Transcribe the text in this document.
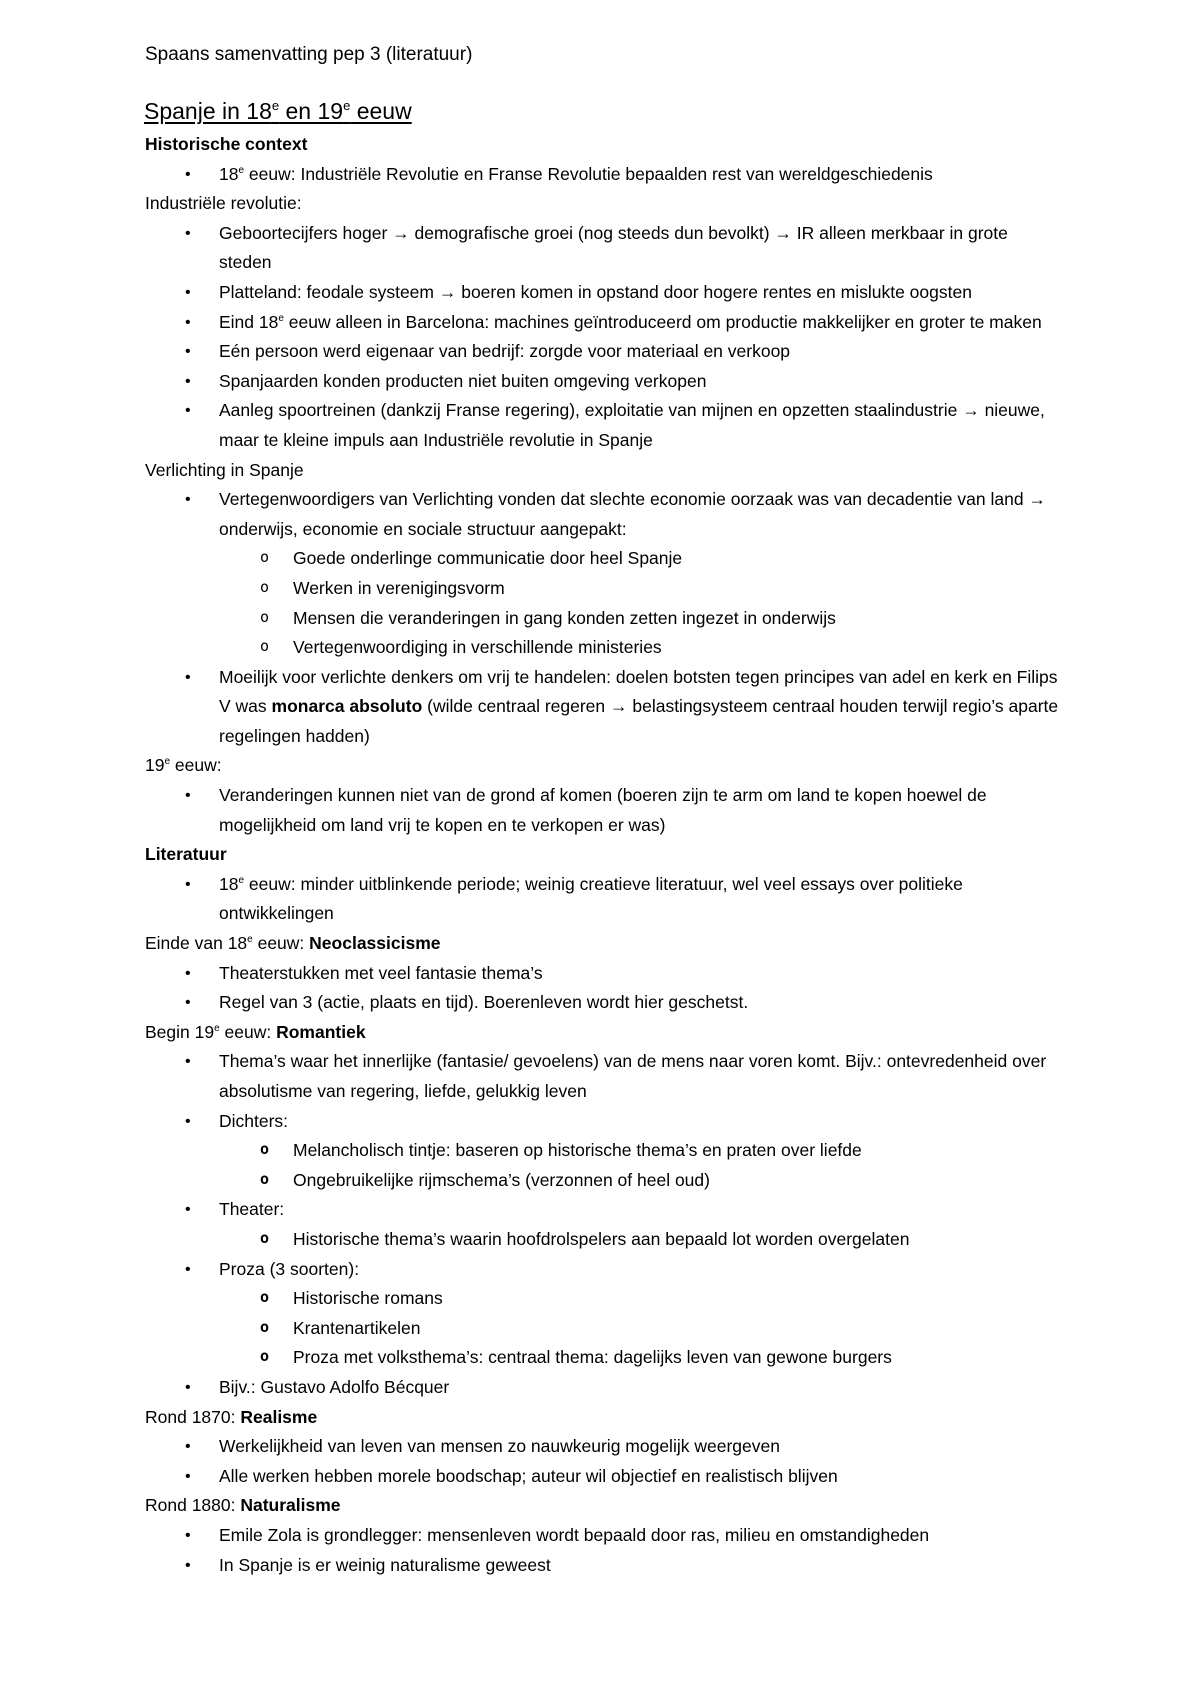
Spaans samenvatting pep 3 (literatuur)
Spanje in 18e en 19e eeuw
Historische context
• 18e eeuw: Industriële Revolutie en Franse Revolutie bepaalden rest van wereldgeschiedenis
Industriële revolutie:
• Geboortecijfers hoger → demografische groei (nog steeds dun bevolkt) → IR alleen merkbaar in grote steden
• Platteland: feodale systeem → boeren komen in opstand door hogere rentes en mislukte oogsten
• Eind 18e eeuw alleen in Barcelona: machines geïntroduceerd om productie makkelijker en groter te maken
• Eén persoon werd eigenaar van bedrijf: zorgde voor materiaal en verkoop
• Spanjaarden konden producten niet buiten omgeving verkopen
• Aanleg spoortreinen (dankzij Franse regering), exploitatie van mijnen en opzetten staalindustrie → nieuwe, maar te kleine impuls aan Industriële revolutie in Spanje
Verlichting in Spanje
• Vertegenwoordigers van Verlichting vonden dat slechte economie oorzaak was van decadentie van land → onderwijs, economie en sociale structuur aangepakt:
o Goede onderlinge communicatie door heel Spanje
o Werken in verenigingsvorm
o Mensen die veranderingen in gang konden zetten ingezet in onderwijs
o Vertegenwoordiging in verschillende ministeries
• Moeilijk voor verlichte denkers om vrij te handelen: doelen botsten tegen principes van adel en kerk en Filips V was monarca absoluto (wilde centraal regeren → belastingsysteem centraal houden terwijl regio’s aparte regelingen hadden)
19e eeuw:
• Veranderingen kunnen niet van de grond af komen (boeren zijn te arm om land te kopen hoewel de mogelijkheid om land vrij te kopen en te verkopen er was)
Literatuur
• 18e eeuw: minder uitblinkende periode; weinig creatieve literatuur, wel veel essays over politieke ontwikkelingen
Einde van 18e eeuw: Neoclassicisme
• Theaterstukken met veel fantasie thema’s
• Regel van 3 (actie, plaats en tijd). Boerenleven wordt hier geschetst.
Begin 19e eeuw: Romantiek
• Thema’s waar het innerlijke (fantasie/ gevoelens) van de mens naar voren komt. Bijv.: ontevredenheid over absolutisme van regering, liefde, gelukkig leven
• Dichters:
o Melancholisch tintje: baseren op historische thema’s en praten over liefde
o Ongebruikelijke rijmschema’s (verzonnen of heel oud)
• Theater:
o Historische thema’s waarin hoofdrolspelers aan bepaald lot worden overgelaten
• Proza (3 soorten):
o Historische romans
o Krantenartikelen
o Proza met volksthema’s: centraal thema: dagelijks leven van gewone burgers
• Bijv.: Gustavo Adolfo Bécquer
Rond 1870: Realisme
• Werkelijkheid van leven van mensen zo nauwkeurig mogelijk weergeven
• Alle werken hebben morele boodschap; auteur wil objectief en realistisch blijven
Rond 1880: Naturalisme
• Emile Zola is grondlegger: mensenleven wordt bepaald door ras, milieu en omstandigheden
• In Spanje is er weinig naturalisme geweest
